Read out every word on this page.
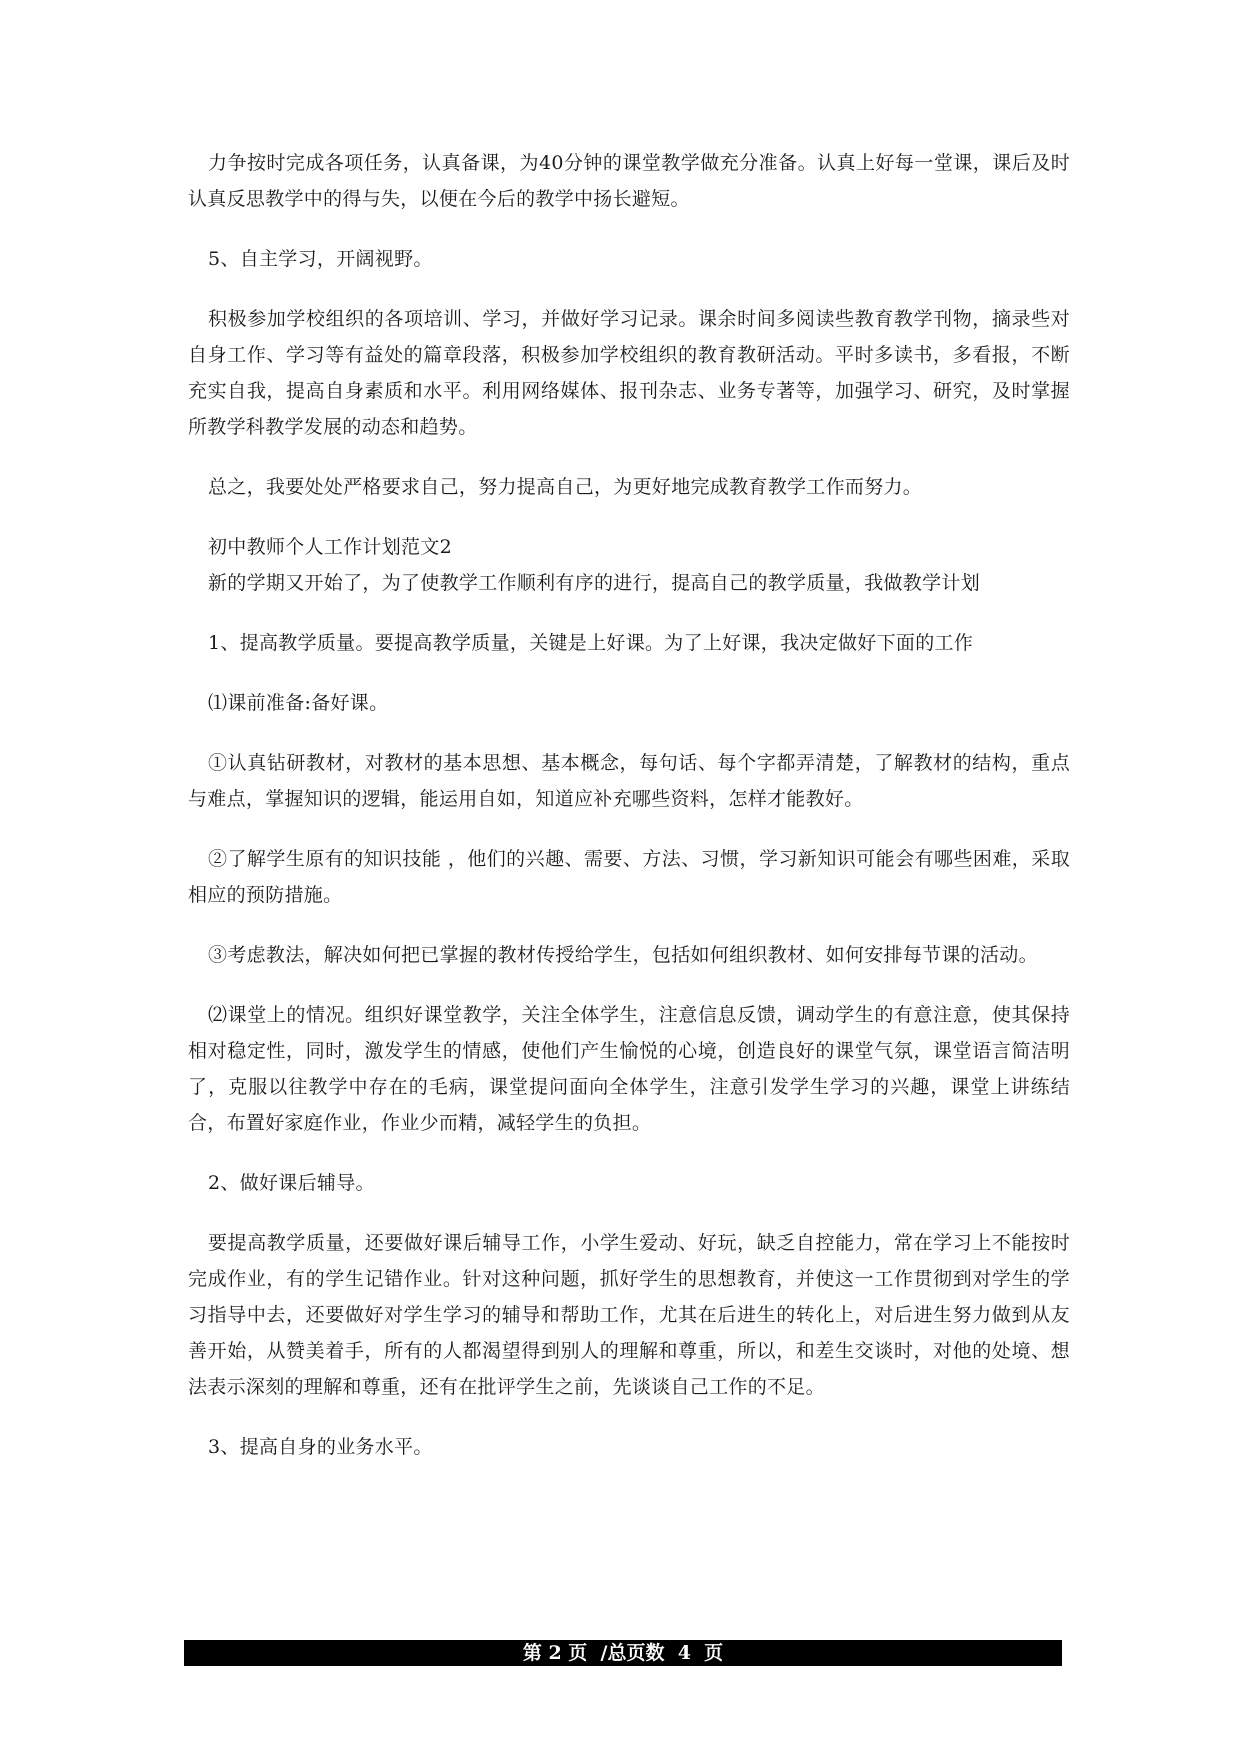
力争按时完成各项任务，认真备课，为40分钟的课堂教学做充分准备。认真上好每一堂课，课后及时认真反思教学中的得与失，以便在今后的教学中扬长避短。

5、自主学习，开阔视野。

积极参加学校组织的各项培训、学习，并做好学习记录。课余时间多阅读些教育教学刊物，摘录些对自身工作、学习等有益处的篇章段落，积极参加学校组织的教育教研活动。平时多读书，多看报，不断充实自我，提高自身素质和水平。利用网络媒体、报刊杂志、业务专著等，加强学习、研究，及时掌握所教学科教学发展的动态和趋势。

总之，我要处处严格要求自己，努力提高自己，为更好地完成教育教学工作而努力。

初中教师个人工作计划范文2

新的学期又开始了，为了使教学工作顺利有序的进行，提高自己的教学质量，我做教学计划

1、提高教学质量。要提高教学质量，关键是上好课。为了上好课，我决定做好下面的工作

⑴课前准备:备好课。

①认真钻研教材，对教材的基本思想、基本概念，每句话、每个字都弄清楚，了解教材的结构，重点与难点，掌握知识的逻辑，能运用自如，知道应补充哪些资料，怎样才能教好。

②了解学生原有的知识技能 ，他们的兴趣、需要、方法、习惯，学习新知识可能会有哪些困难，采取相应的预防措施。

③考虑教法，解决如何把已掌握的教材传授给学生，包括如何组织教材、如何安排每节课的活动。

⑵课堂上的情况。组织好课堂教学，关注全体学生，注意信息反馈，调动学生的有意注意，使其保持相对稳定性，同时，激发学生的情感，使他们产生愉悦的心境，创造良好的课堂气氛，课堂语言简洁明了，克服以往教学中存在的毛病，课堂提问面向全体学生，注意引发学生学习的兴趣，课堂上讲练结合，布置好家庭作业，作业少而精，减轻学生的负担。

2、做好课后辅导。

要提高教学质量，还要做好课后辅导工作，小学生爱动、好玩，缺乏自控能力，常在学习上不能按时完成作业，有的学生记错作业。针对这种问题，抓好学生的思想教育，并使这一工作贯彻到对学生的学习指导中去，还要做好对学生学习的辅导和帮助工作，尤其在后进生的转化上，对后进生努力做到从友善开始，从赞美着手，所有的人都渴望得到别人的理解和尊重，所以，和差生交谈时，对他的处境、想法表示深刻的理解和尊重，还有在批评学生之前，先谈谈自己工作的不足。

3、提高自身的业务水平。

第 2 页  /总页数  4  页
